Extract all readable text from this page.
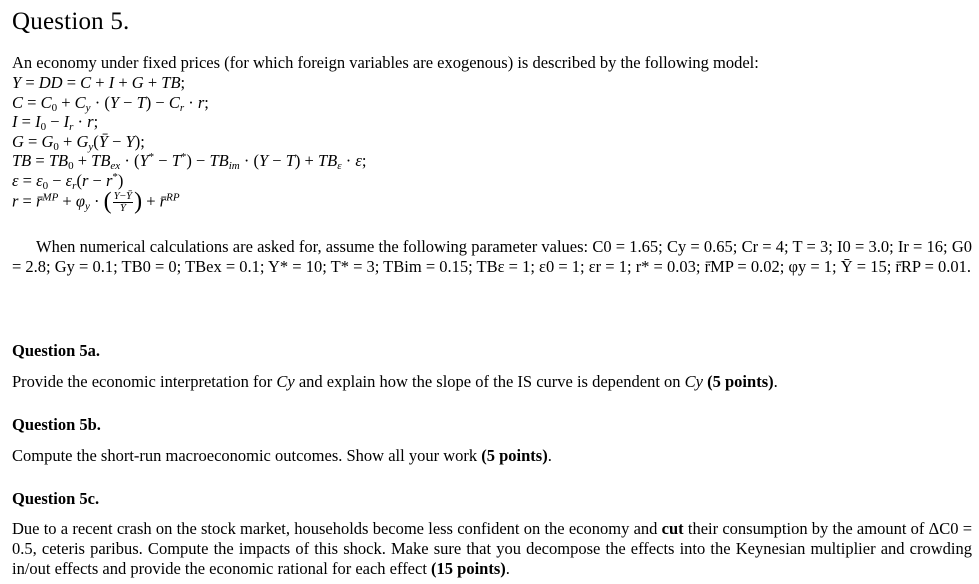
Question 5.
An economy under fixed prices (for which foreign variables are exogenous) is described by the following model:
Y = DD = C + I + G + TB;
$C = C_0 + C_y \cdot (Y - T) - C_r \cdot r$;
$I = I_0 - I_r \cdot r$;
$G = G_0$ + $G_y(Ȳ - Y)$;
TB = $TB_0 + TB_{ex} \cdot (Y^* - T^*) - TB_{im} \cdot (Y - T) + TB_\varepsilon \cdot \varepsilon$;
$\varepsilon = \varepsilon_0 - \varepsilon_r(r - r^*)$
r = r̄$^{MP}$ + $\varphi_y$ · ( $\frac{Y-Ȳ}{Ȳ}$ ) + r̄$^{RP}$
When numerical calculations are asked for, assume the following parameter values: C0 = 1.65; Cy = 0.65; Cr = 4; T = 3; I0 = 3.0; Ir = 16; G0 = 2.8; Gy = 0.1; TB0 = 0; TBex = 0.1; Y* = 10; T* = 3; TBim = 0.15; TBε = 1; ε0 = 1; εr = 1; r* = 0.03; r̄MP = 0.02; φy = 1; Ȳ = 15; r̄RP = 0.01.
Question 5a.

Provide the economic interpretation for Cy and explain how the slope of the IS curve is dependent on Cy (5 points).

Question 5b.

Compute the short-run macroeconomic outcomes. Show all your work (5 points).

Question 5c.

Due to a recent crash on the stock market, households become less confident on the economy and cut their consumption by the amount of ΔC0 = 0.5, ceteris paribus. Compute the impacts of this shock. Make sure that you decompose the effects into the Keynesian multiplier and crowding in/out effects and provide the economic rational for each effect (15 points).
